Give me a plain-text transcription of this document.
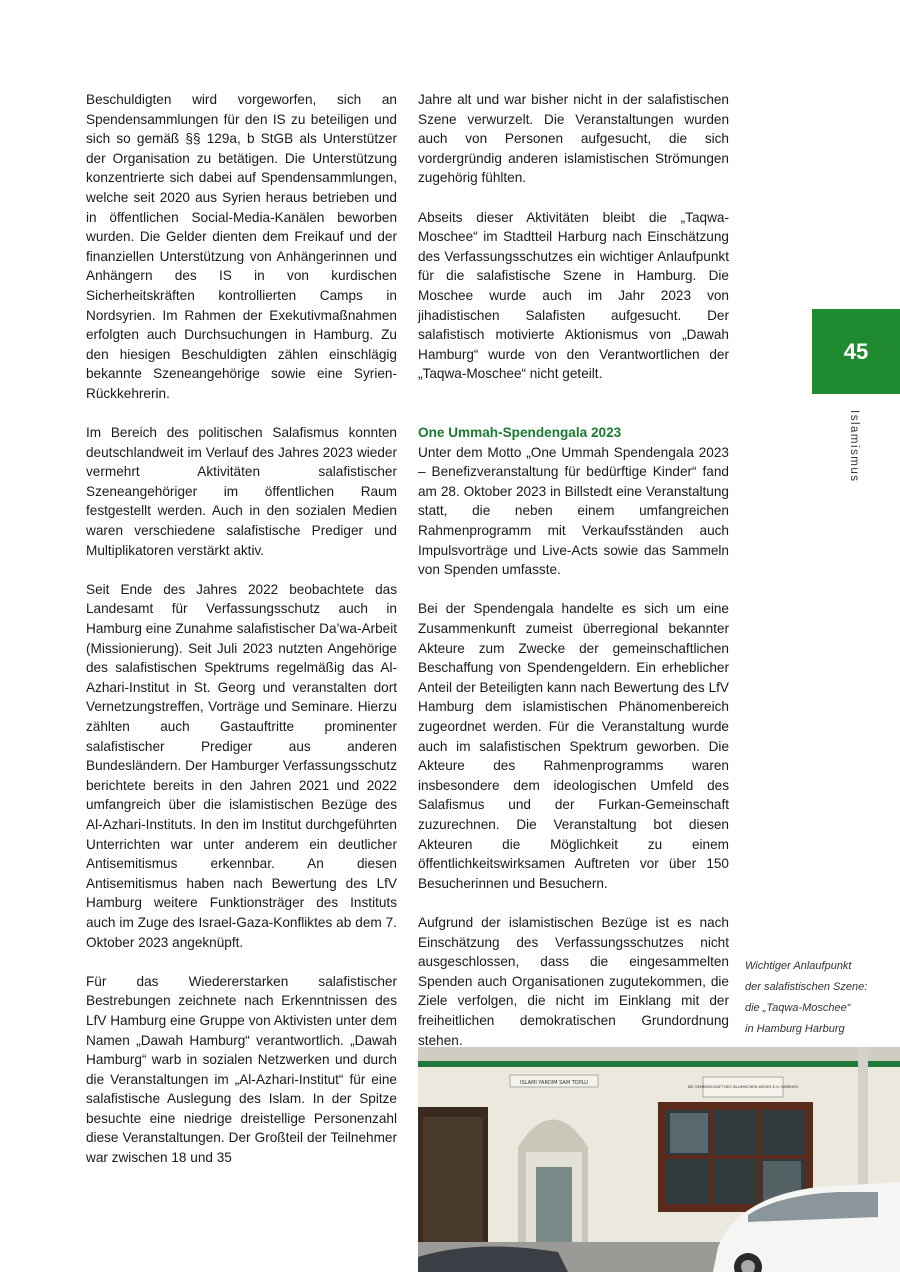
Beschuldigten wird vorgeworfen, sich an Spendensammlungen für den IS zu beteiligen und sich so gemäß §§ 129a, b StGB als Unterstützer der Organisation zu betätigen. Die Unterstützung konzentrierte sich dabei auf Spendensammlungen, welche seit 2020 aus Syrien heraus betrieben und in öffentlichen Social-Media-Kanälen beworben wurden. Die Gelder dienten dem Freikauf und der finanziellen Unterstützung von Anhängerinnen und Anhängern des IS in von kurdischen Sicherheitskräften kontrollierten Camps in Nordsyrien. Im Rahmen der Exekutivmaßnahmen erfolgten auch Durchsuchungen in Hamburg. Zu den hiesigen Beschuldigten zählen einschlägig bekannte Szeneangehörige sowie eine Syrien-Rückkehrerin.

Im Bereich des politischen Salafismus konnten deutschlandweit im Verlauf des Jahres 2023 wieder vermehrt Aktivitäten salafistischer Szeneangehöriger im öffentlichen Raum festgestellt werden. Auch in den sozialen Medien waren verschiedene salafistische Prediger und Multiplikatoren verstärkt aktiv.

Seit Ende des Jahres 2022 beobachtete das Landesamt für Verfassungsschutz auch in Hamburg eine Zunahme salafistischer Da’wa-Arbeit (Missionierung). Seit Juli 2023 nutzten Angehörige des salafistischen Spektrums regelmäßig das Al-Azhari-Institut in St. Georg und veranstalten dort Vernetzungstreffen, Vorträge und Seminare. Hierzu zählten auch Gastauftritte prominenter salafistischer Prediger aus anderen Bundesländern. Der Hamburger Verfassungsschutz berichtete bereits in den Jahren 2021 und 2022 umfangreich über die islamistischen Bezüge des Al-Azhari-Instituts. In den im Institut durchgeführten Unterrichten war unter anderem ein deutlicher Antisemitismus erkennbar. An diesen Antisemitismus haben nach Bewertung des LfV Hamburg weitere Funktionsträger des Instituts auch im Zuge des Israel-Gaza-Konfliktes ab dem 7. Oktober 2023 angeknüpft.

Für das Wiedererstarken salafistischer Bestrebungen zeichnete nach Erkenntnissen des LfV Hamburg eine Gruppe von Aktivisten unter dem Namen „Dawah Hamburg“ verantwortlich. „Dawah Hamburg“ warb in sozialen Netzwerken und durch die Veranstaltungen im „Al-Azhari-Institut“ für eine salafistische Auslegung des Islam. In der Spitze besuchte eine niedrige dreistellige Personenzahl diese Veranstaltungen. Der Großteil der Teilnehmer war zwischen 18 und 35

Jahre alt und war bisher nicht in der salafistischen Szene verwurzelt. Die Veranstaltungen wurden auch von Personen aufgesucht, die sich vordergründig anderen islamistischen Strömungen zugehörig fühlten.

Abseits dieser Aktivitäten bleibt die „Taqwa-Moschee“ im Stadtteil Harburg nach Einschätzung des Verfassungsschutzes ein wichtiger Anlaufpunkt für die salafistische Szene in Hamburg. Die Moschee wurde auch im Jahr 2023 von jihadistischen Salafisten aufgesucht. Der salafistisch motivierte Aktionismus von „Dawah Hamburg“ wurde von den Verantwortlichen der „Taqwa-Moschee“ nicht geteilt.

One Ummah-Spendengala 2023

Unter dem Motto „One Ummah Spendengala 2023 – Benefizveranstaltung für bedürftige Kinder“ fand am 28. Oktober 2023 in Billstedt eine Veranstaltung statt, die neben einem umfangreichen Rahmenprogramm mit Verkaufsständen auch Impulsvorträge und Live-Acts sowie das Sammeln von Spenden umfasste.

Bei der Spendengala handelte es sich um eine Zusammenkunft zumeist überregional bekannter Akteure zum Zwecke der gemeinschaftlichen Beschaffung von Spendengeldern. Ein erheblicher Anteil der Beteiligten kann nach Bewertung des LfV Hamburg dem islamistischen Phänomenbereich zugeordnet werden. Für die Veranstaltung wurde auch im salafistischen Spektrum geworben. Die Akteure des Rahmenprogramms waren insbesondere dem ideologischen Umfeld des Salafismus und der Furkan-Gemeinschaft zuzurechnen. Die Veranstaltung bot diesen Akteuren die Möglichkeit zu einem öffentlichkeitswirksamen Auftreten vor über 150 Besucherinnen und Besuchern.

Aufgrund der islamistischen Bezüge ist es nach Einschätzung des Verfassungsschutzes nicht ausgeschlossen, dass die eingesammelten Spenden auch Organisationen zugutekommen, die Ziele verfolgen, die nicht im Einklang mit der freiheitlichen demokratischen Grundordnung stehen.

45
Islamismus
Wichtiger Anlaufpunkt
der salafistischen Szene:
die „Taqwa-Moschee“
in Hamburg Harburg
ISLAMI YARDIM SAM TOPLU
DIE GEMEINSCHAFT DES ISLAMISCHEN WEGES E.V. HARBURG
